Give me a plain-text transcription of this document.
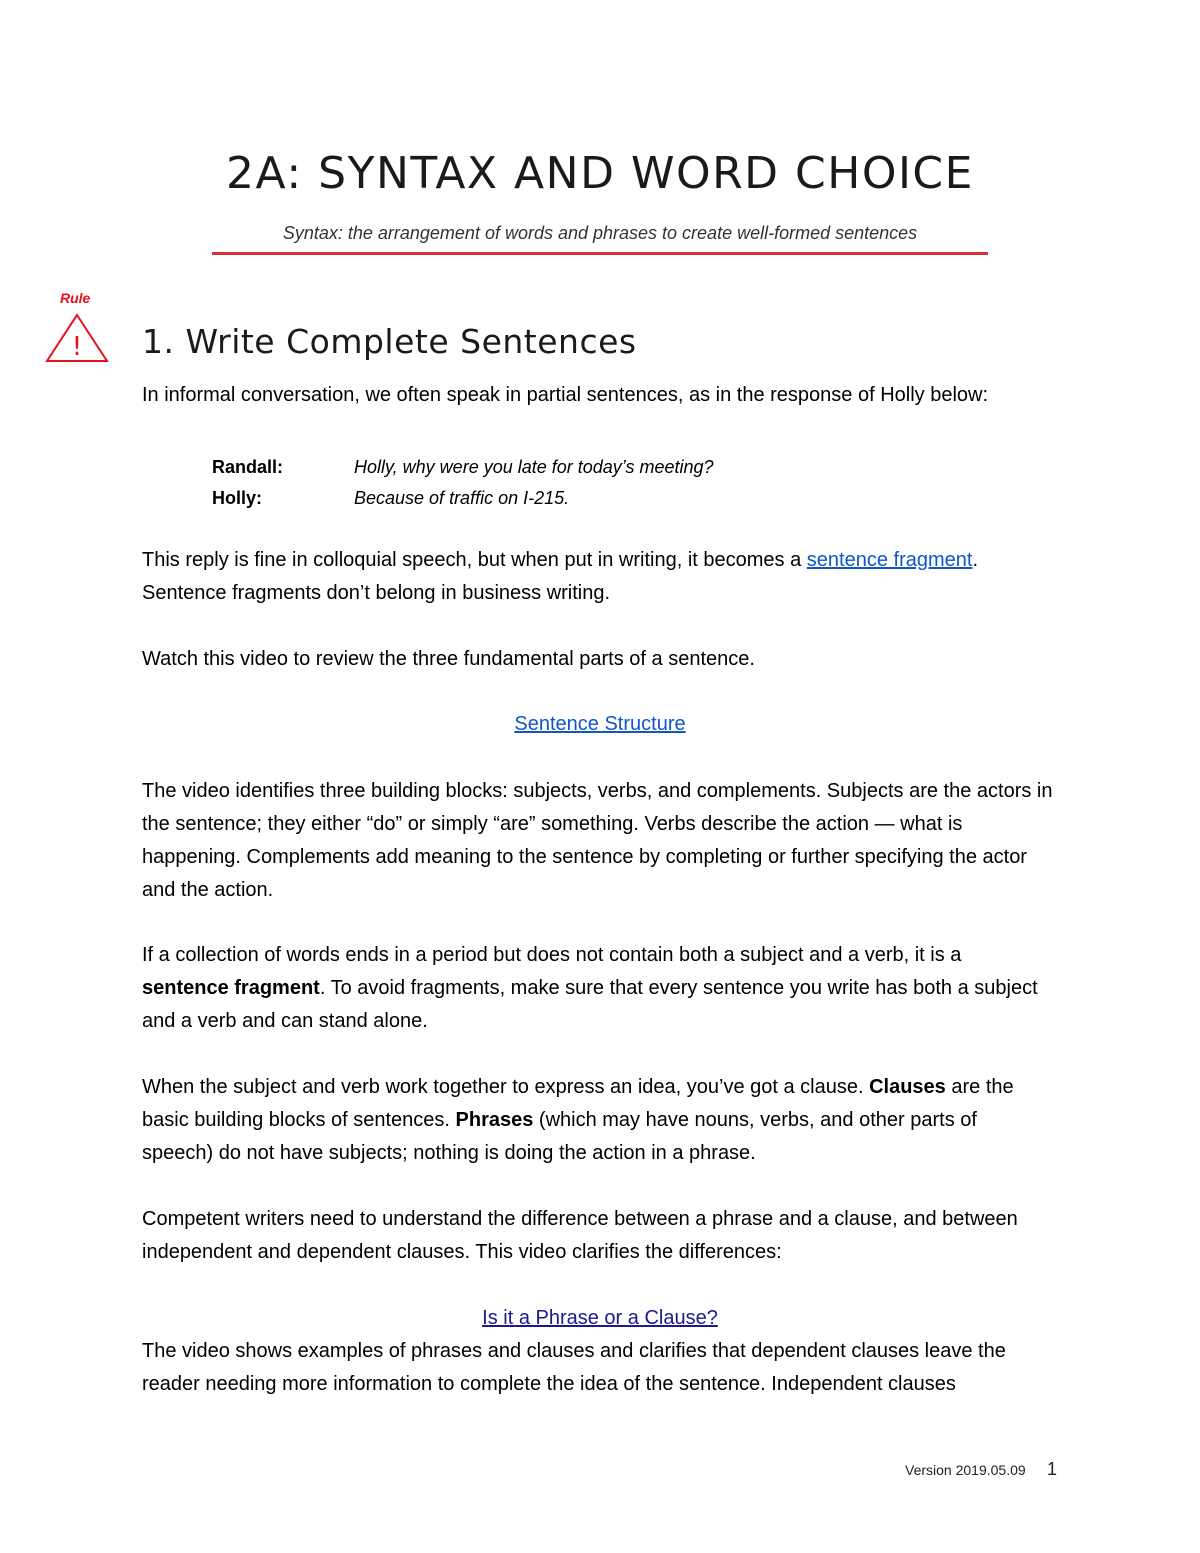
2A: SYNTAX AND WORD CHOICE
Syntax: the arrangement of words and phrases to create well-formed sentences
Rule
! 1. Write Complete Sentences

In informal conversation, we often speak in partial sentences, as in the response of Holly below:

Randall:	Holly, why were you late for today’s meeting?
Holly:	Because of traffic on I-215.

This reply is fine in colloquial speech, but when put in writing, it becomes a sentence fragment.
Sentence fragments don’t belong in business writing.

Watch this video to review the three fundamental parts of a sentence.

Sentence Structure

The video identifies three building blocks: subjects, verbs, and complements. Subjects are the actors in the sentence; they either “do” or simply “are” something. Verbs describe the action — what is happening. Complements add meaning to the sentence by completing or further specifying the actor and the action.

If a collection of words ends in a period but does not contain both a subject and a verb, it is a sentence fragment. To avoid fragments, make sure that every sentence you write has both a subject and a verb and can stand alone.

When the subject and verb work together to express an idea, you’ve got a clause. Clauses are the basic building blocks of sentences. Phrases (which may have nouns, verbs, and other parts of speech) do not have subjects; nothing is doing the action in a phrase.

Competent writers need to understand the difference between a phrase and a clause, and between independent and dependent clauses. This video clarifies the differences:

Is it a Phrase or a Clause?

The video shows examples of phrases and clauses and clarifies that dependent clauses leave the reader needing more information to complete the idea of the sentence. Independent clauses

Version 2019.05.09 1
